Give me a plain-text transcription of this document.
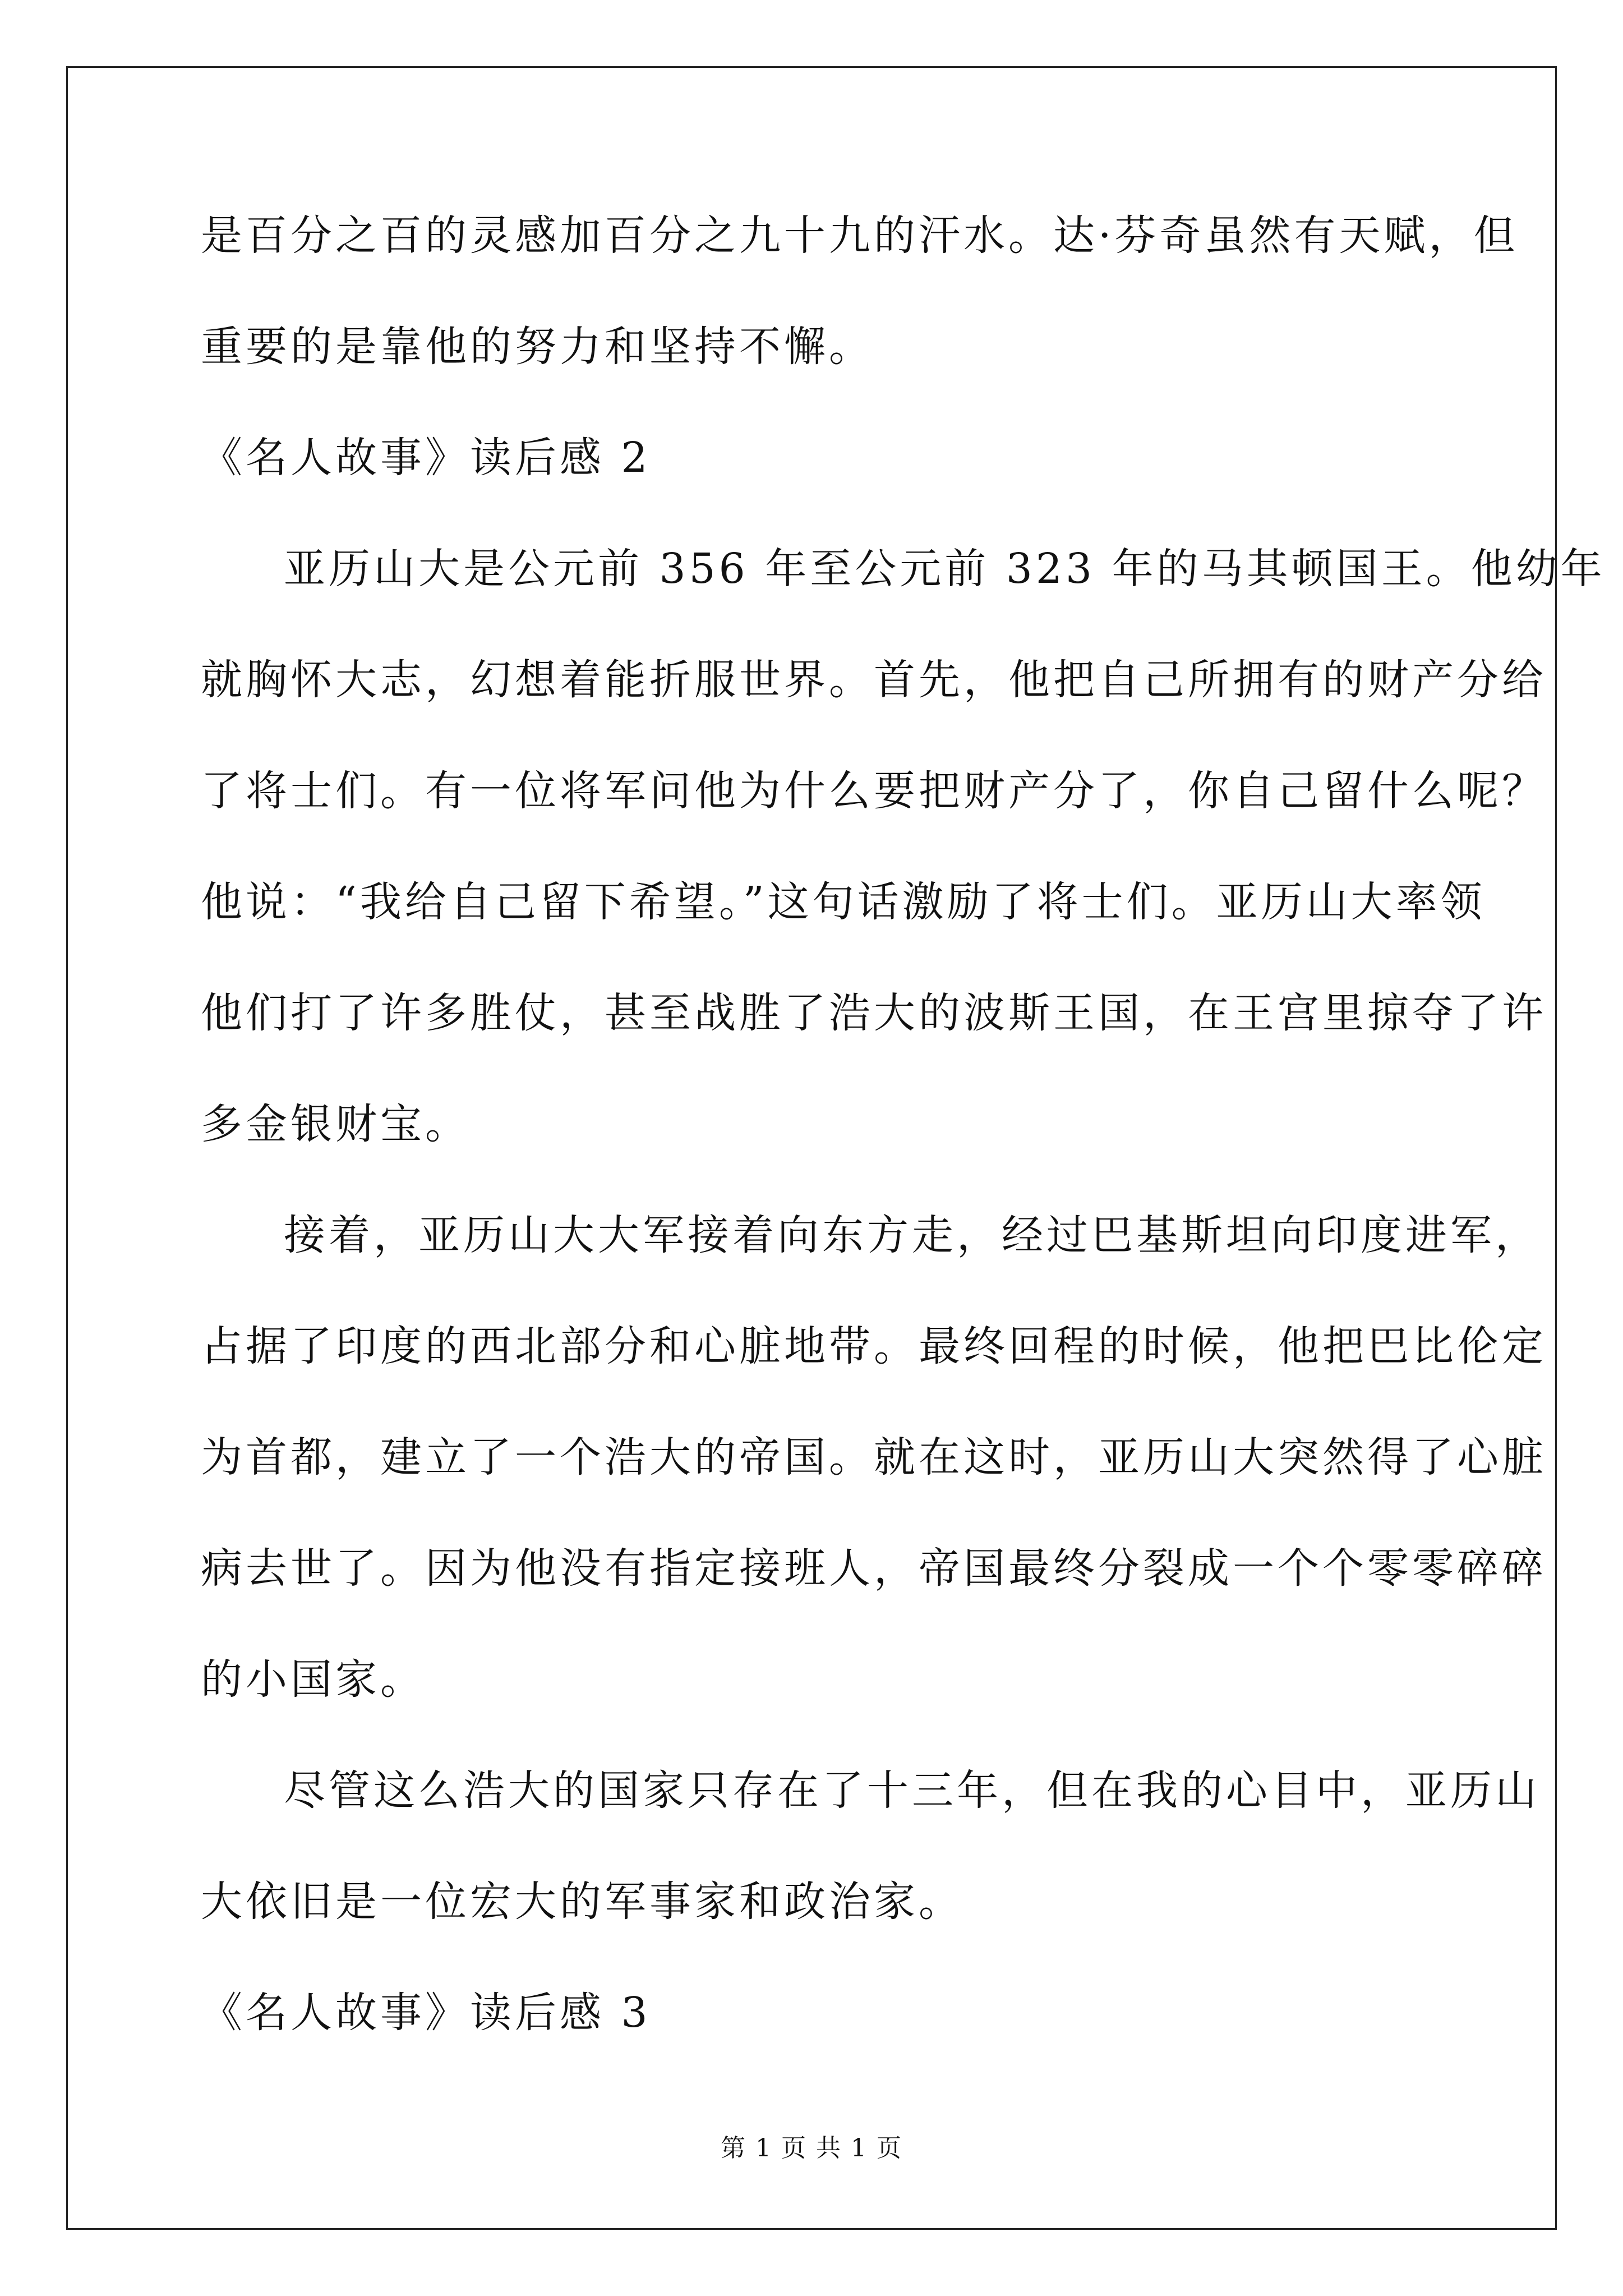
是百分之百的灵感加百分之九十九的汗水。达·芬奇虽然有天赋，但
重要的是靠他的努力和坚持不懈。
《名人故事》读后感 2
亚历山大是公元前 356 年至公元前 323 年的马其顿国王。他幼年
就胸怀大志，幻想着能折服世界。首先，他把自己所拥有的财产分给
了将士们。有一位将军问他为什么要把财产分了，你自己留什么呢？
他说：“我给自己留下希望。”这句话激励了将士们。亚历山大率领
他们打了许多胜仗，甚至战胜了浩大的波斯王国，在王宫里掠夺了许
多金银财宝。
接着，亚历山大大军接着向东方走，经过巴基斯坦向印度进军，
占据了印度的西北部分和心脏地带。最终回程的时候，他把巴比伦定
为首都，建立了一个浩大的帝国。就在这时，亚历山大突然得了心脏
病去世了。因为他没有指定接班人，帝国最终分裂成一个个零零碎碎
的小国家。
尽管这么浩大的国家只存在了十三年，但在我的心目中，亚历山
大依旧是一位宏大的军事家和政治家。
《名人故事》读后感 3
第 1 页 共 1 页
